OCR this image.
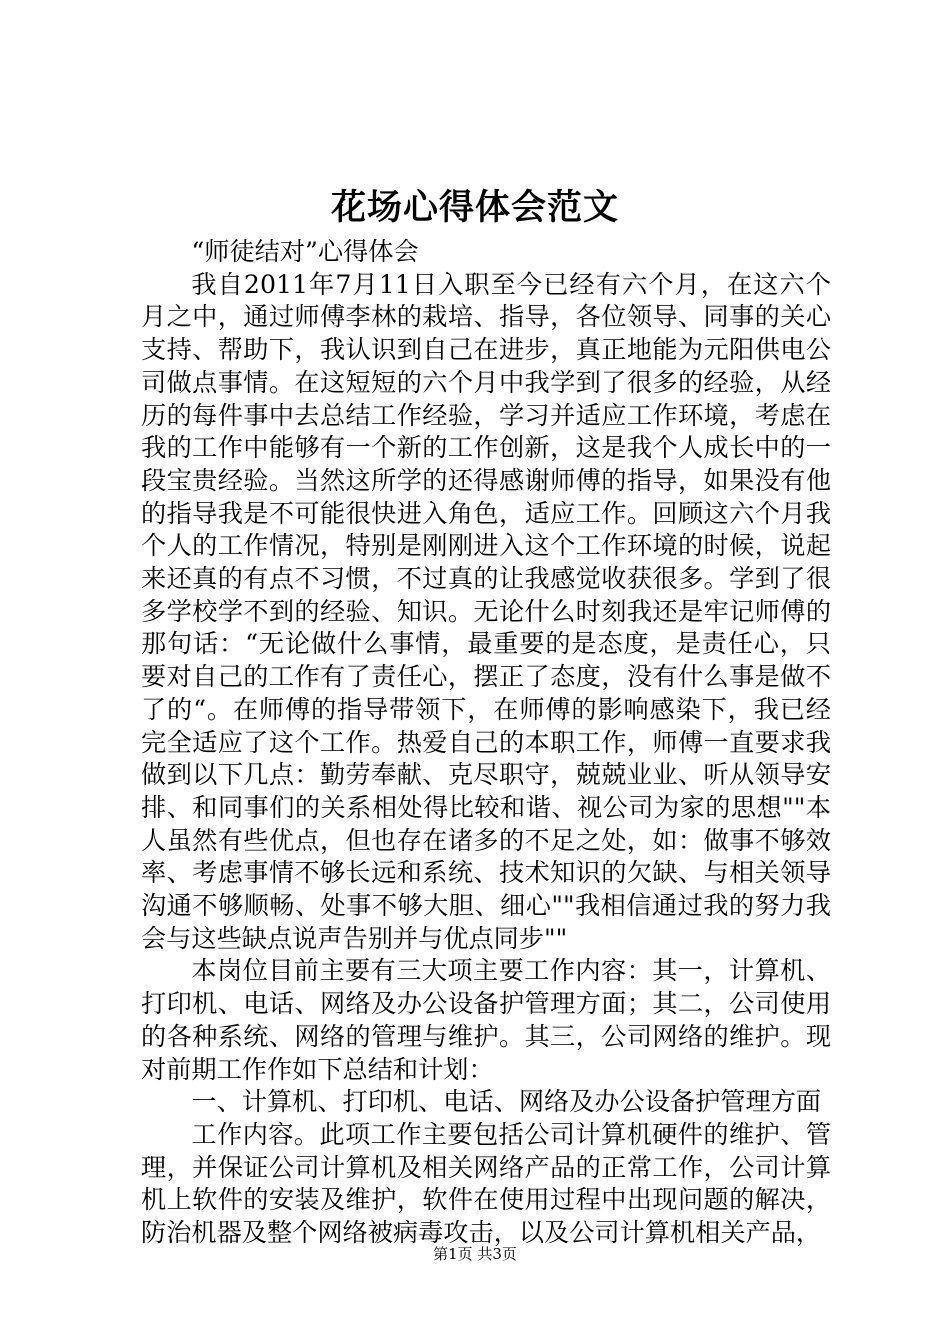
花场心得体会范文

“师徒结对”心得体会

我自2011年7月11日入职至今已经有六个月，在这六个月之中，通过师傅李林的栽培、指导，各位领导、同事的关心支持、帮助下，我认识到自己在进步，真正地能为元阳供电公司做点事情。在这短短的六个月中我学到了很多的经验，从经历的每件事中去总结工作经验，学习并适应工作环境，考虑在我的工作中能够有一个新的工作创新，这是我个人成长中的一段宝贵经验。当然这所学的还得感谢师傅的指导，如果没有他的指导我是不可能很快进入角色，适应工作。回顾这六个月我个人的工作情况，特别是刚刚进入这个工作环境的时候，说起来还真的有点不习惯，不过真的让我感觉收获很多。学到了很多学校学不到的经验、知识。无论什么时刻我还是牢记师傅的那句话：“无论做什么事情，最重要的是态度，是责任心，只要对自己的工作有了责任心，摆正了态度，没有什么事是做不了的“。在师傅的指导带领下，在师傅的影响感染下，我已经完全适应了这个工作。热爱自己的本职工作，师傅一直要求我做到以下几点：勤劳奉献、克尽职守，兢兢业业、听从领导安排、和同事们的关系相处得比较和谐、视公司为家的思想""本人虽然有些优点，但也存在诸多的不足之处，如：做事不够效率、考虑事情不够长远和系统、技术知识的欠缺、与相关领导沟通不够顺畅、处事不够大胆、细心""我相信通过我的努力我会与这些缺点说声告别并与优点同步""

本岗位目前主要有三大项主要工作内容：其一，计算机、打印机、电话、网络及办公设备护管理方面；其二，公司使用的各种系统、网络的管理与维护。其三，公司网络的维护。现对前期工作作如下总结和计划：

一、计算机、打印机、电话、网络及办公设备护管理方面

工作内容。此项工作主要包括公司计算机硬件的维护、管理，并保证公司计算机及相关网络产品的正常工作，公司计算机上软件的安装及维护，软件在使用过程中出现问题的解决，防治机器及整个网络被病毒攻击，以及公司计算机相关产品，

第1页 共3页
